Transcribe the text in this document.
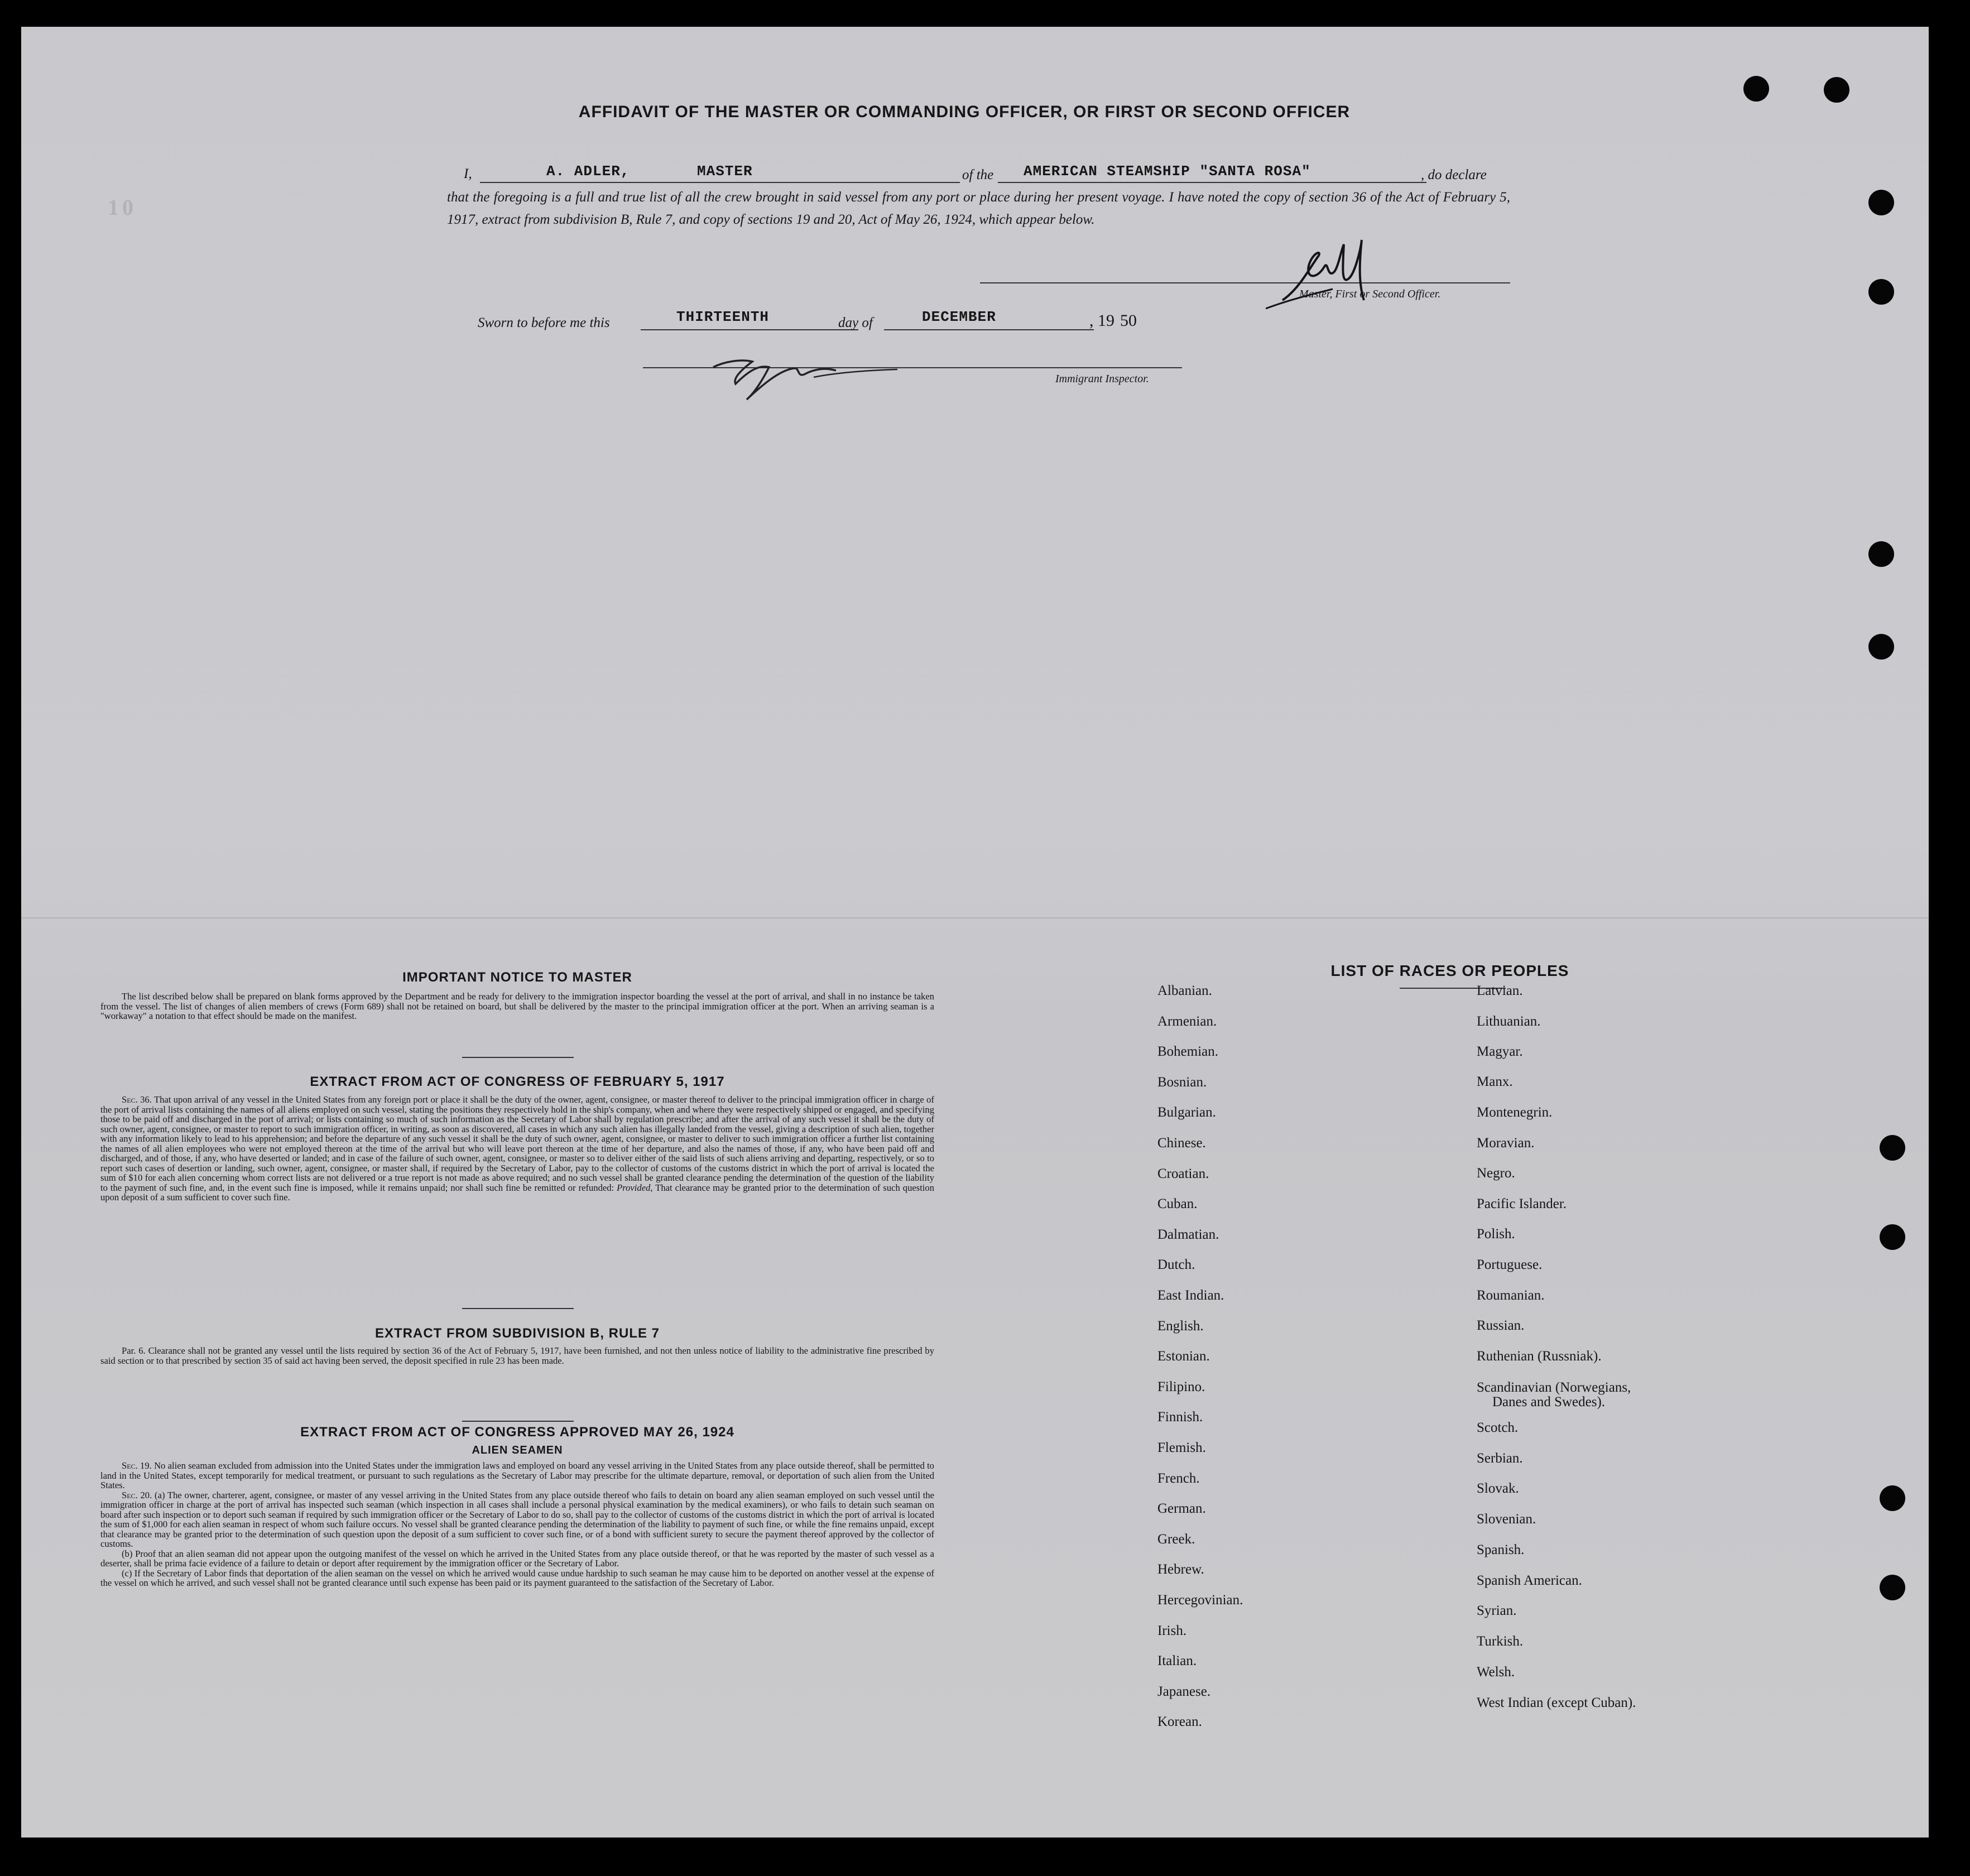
10
AFFIDAVIT OF THE MASTER OR COMMANDING OFFICER, OR FIRST OR SECOND OFFICER
I,	A. ADLER,	MASTER	of the AMERICAN STEAMSHIP "SANTA ROSA"	, do declare
that the foregoing is a full and true list of all the crew brought in said vessel from any port or place during her present voyage. I have noted the copy of section 36 of the Act of February 5, 1917, extract from subdivision B, Rule 7, and copy of sections 19 and 20, Act of May 26, 1924, which appear below.
Master, First or Second Officer.
Sworn to before me this	THIRTEENTH	day of	DECEMBER	, 19 50
Immigrant Inspector.
IMPORTANT NOTICE TO MASTER
The list described below shall be prepared on blank forms approved by the Department and be ready for delivery to the immigration inspector boarding the vessel at the port of arrival, and shall in no instance be taken from the vessel. The list of changes of alien members of crews (Form 689) shall not be retained on board, but shall be delivered by the master to the principal immigration officer at the port. When an arriving seaman is a "workaway" a notation to that effect should be made on the manifest.
EXTRACT FROM ACT OF CONGRESS OF FEBRUARY 5, 1917
Sec. 36. That upon arrival of any vessel in the United States from any foreign port or place it shall be the duty of the owner, agent, consignee, or master thereof to deliver to the principal immigration officer in charge of the port of arrival lists containing the names of all aliens employed on such vessel, stating the positions they respectively hold in the ship's company, when and where they were respectively shipped or engaged, and specifying those to be paid off and discharged in the port of arrival; or lists containing so much of such information as the Secretary of Labor shall by regulation prescribe; and after the arrival of any such vessel it shall be the duty of such owner, agent, consignee, or master to report to such immigration officer, in writing, as soon as discovered, all cases in which any such alien has illegally landed from the vessel, giving a description of such alien, together with any information likely to lead to his apprehension; and before the departure of any such vessel it shall be the duty of such owner, agent, consignee, or master to deliver to such immigration officer a further list containing the names of all alien employees who were not employed thereon at the time of the arrival but who will leave port thereon at the time of her departure, and also the names of those, if any, who have been paid off and discharged, and of those, if any, who have deserted or landed; and in case of the failure of such owner, agent, consignee, or master so to deliver either of the said lists of such aliens arriving and departing, respectively, or so to report such cases of desertion or landing, such owner, agent, consignee, or master shall, if required by the Secretary of Labor, pay to the collector of customs of the customs district in which the port of arrival is located the sum of $10 for each alien concerning whom correct lists are not delivered or a true report is not made as above required; and no such vessel shall be granted clearance pending the determination of the question of the liability to the payment of such fine, and, in the event such fine is imposed, while it remains unpaid; nor shall such fine be remitted or refunded: Provided, That clearance may be granted prior to the determination of such question upon deposit of a sum sufficient to cover such fine.
EXTRACT FROM SUBDIVISION B, RULE 7
Par. 6. Clearance shall not be granted any vessel until the lists required by section 36 of the Act of February 5, 1917, have been furnished, and not then unless notice of liability to the administrative fine prescribed by said section or to that prescribed by section 35 of said act having been served, the deposit specified in rule 23 has been made.
EXTRACT FROM ACT OF CONGRESS APPROVED MAY 26, 1924
ALIEN SEAMEN
Sec. 19. No alien seaman excluded from admission into the United States under the immigration laws and employed on board any vessel arriving in the United States from any place outside thereof, shall be permitted to land in the United States, except temporarily for medical treatment, or pursuant to such regulations as the Secretary of Labor may prescribe for the ultimate departure, removal, or deportation of such alien from the United States.
Sec. 20. (a) The owner, charterer, agent, consignee, or master of any vessel arriving in the United States from any place outside thereof who fails to detain on board any alien seaman employed on such vessel until the immigration officer in charge at the port of arrival has inspected such seaman (which inspection in all cases shall include a personal physical examination by the medical examiners), or who fails to detain such seaman on board after such inspection or to deport such seaman if required by such immigration officer or the Secretary of Labor to do so, shall pay to the collector of customs of the customs district in which the port of arrival is located the sum of $1,000 for each alien seaman in respect of whom such failure occurs. No vessel shall be granted clearance pending the determination of the liability to payment of such fine, or while the fine remains unpaid, except that clearance may be granted prior to the determination of such question upon the deposit of a sum sufficient to cover such fine, or of a bond with sufficient surety to secure the payment thereof approved by the collector of customs.
(b) Proof that an alien seaman did not appear upon the outgoing manifest of the vessel on which he arrived in the United States from any place outside thereof, or that he was reported by the master of such vessel as a deserter, shall be prima facie evidence of a failure to detain or deport after requirement by the immigration officer or the Secretary of Labor.
(c) If the Secretary of Labor finds that deportation of the alien seaman on the vessel on which he arrived would cause undue hardship to such seaman he may cause him to be deported on another vessel at the expense of the vessel on which he arrived, and such vessel shall not be granted clearance until such expense has been paid or its payment guaranteed to the satisfaction of the Secretary of Labor.
LIST OF RACES OR PEOPLES
Albanian.
Armenian.
Bohemian.
Bosnian.
Bulgarian.
Chinese.
Croatian.
Cuban.
Dalmatian.
Dutch.
East Indian.
English.
Estonian.
Filipino.
Finnish.
Flemish.
French.
German.
Greek.
Hebrew.
Hercegovinian.
Irish.
Italian.
Japanese.
Korean.
Latvian.
Lithuanian.
Magyar.
Manx.
Montenegrin.
Moravian.
Negro.
Pacific Islander.
Polish.
Portuguese.
Roumanian.
Russian.
Ruthenian (Russniak).
Scandinavian (Norwegians,
Danes and Swedes).
Scotch.
Serbian.
Slovak.
Slovenian.
Spanish.
Spanish American.
Syrian.
Turkish.
Welsh.
West Indian (except Cuban).
